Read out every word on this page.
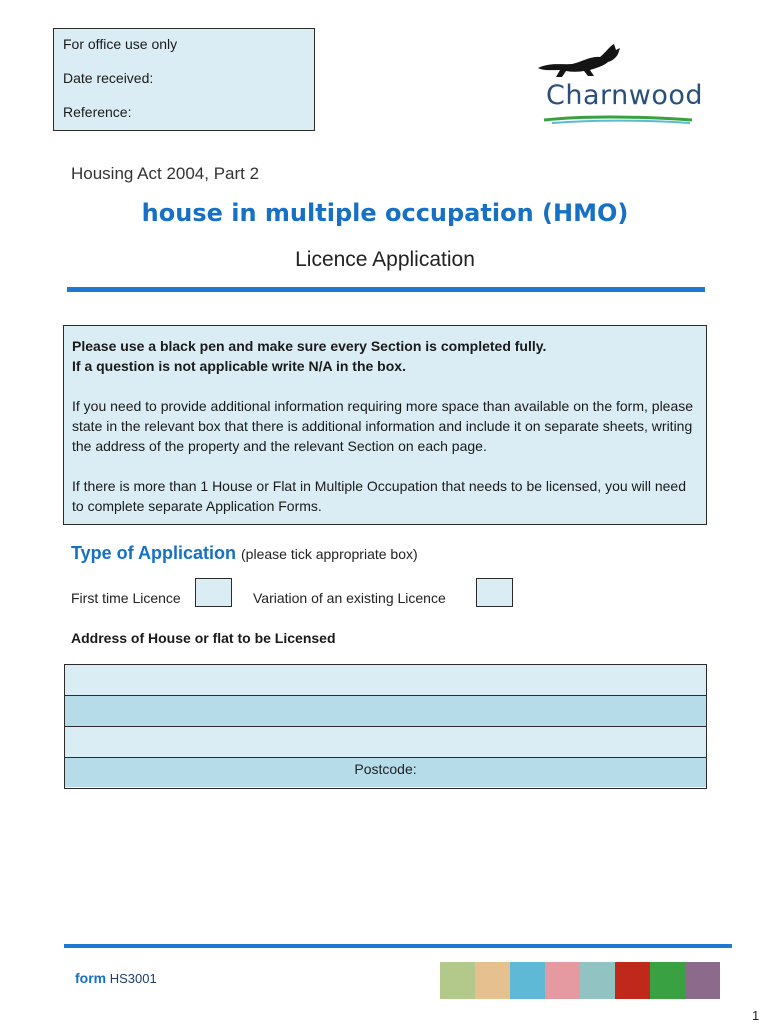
For office use only
Date received:
Reference:
Charnwood
Housing Act 2004, Part 2
house in multiple occupation (HMO)
Licence Application

Please use a black pen and make sure every Section is completed fully.

If a question is not applicable write N/A in the box.

If you need to provide additional information requiring more space than available on the form, please state in the relevant box that there is additional information and include it on separate sheets, writing the address of the property and the relevant Section on each page.

If there is more than 1 House or Flat in Multiple Occupation that needs to be licensed, you will need to complete separate Application Forms.

Type of Application (please tick appropriate box)
First time Licence	Variation of an existing Licence
Address of House or flat to be Licensed
Postcode:
form HS3001
1
